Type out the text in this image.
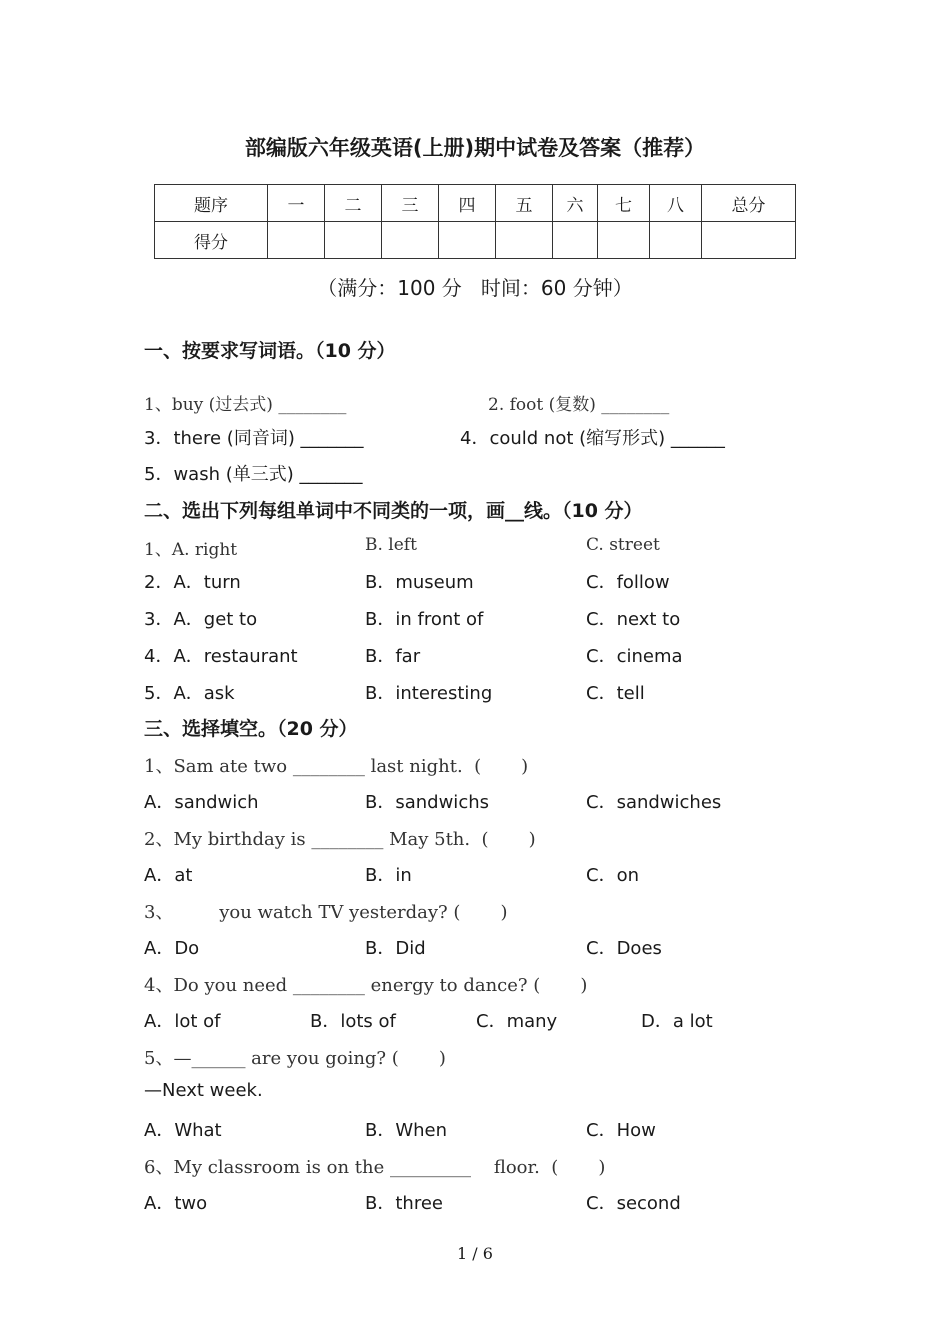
部编版六年级英语(上册)期中试卷及答案（推荐）
题序	一	二	三	四	五	六	七	八	总分
得分									
（满分：100 分   时间：60 分钟）
一、按要求写词语。（10 分）
1、buy (过去式) ________	2. foot (复数) ________
3．there (同音词) _______	4．could not (缩写形式) ______
5．wash (单三式) _______
二、选出下列每组单词中不同类的一项，画__线。（10 分）
1、A. right	B. left	C. street
2．A．turn	B．museum	C．follow
3．A．get to	B．in front of	C．next to
4．A．restaurant	B．far	C．cinema
5．A．ask	B．interesting	C．tell
三、选择填空。（20 分）
1、Sam ate two ________ last night.  (       )
A．sandwich	B．sandwichs	C．sandwiches
2、My birthday is ________ May 5th.  (       )
A．at	B．in	C．on
3、        you watch TV yesterday? (       )
A．Do	B．Did	C．Does
4、Do you need ________ energy to dance? (       )
A．lot of	B．lots of	C．many	D．a lot
5、—______ are you going? (       )
—Next week.
A．What	B．When	C．How
6、My classroom is on the _________    floor.  (       )
A．two	B．three	C．second
1 / 6
